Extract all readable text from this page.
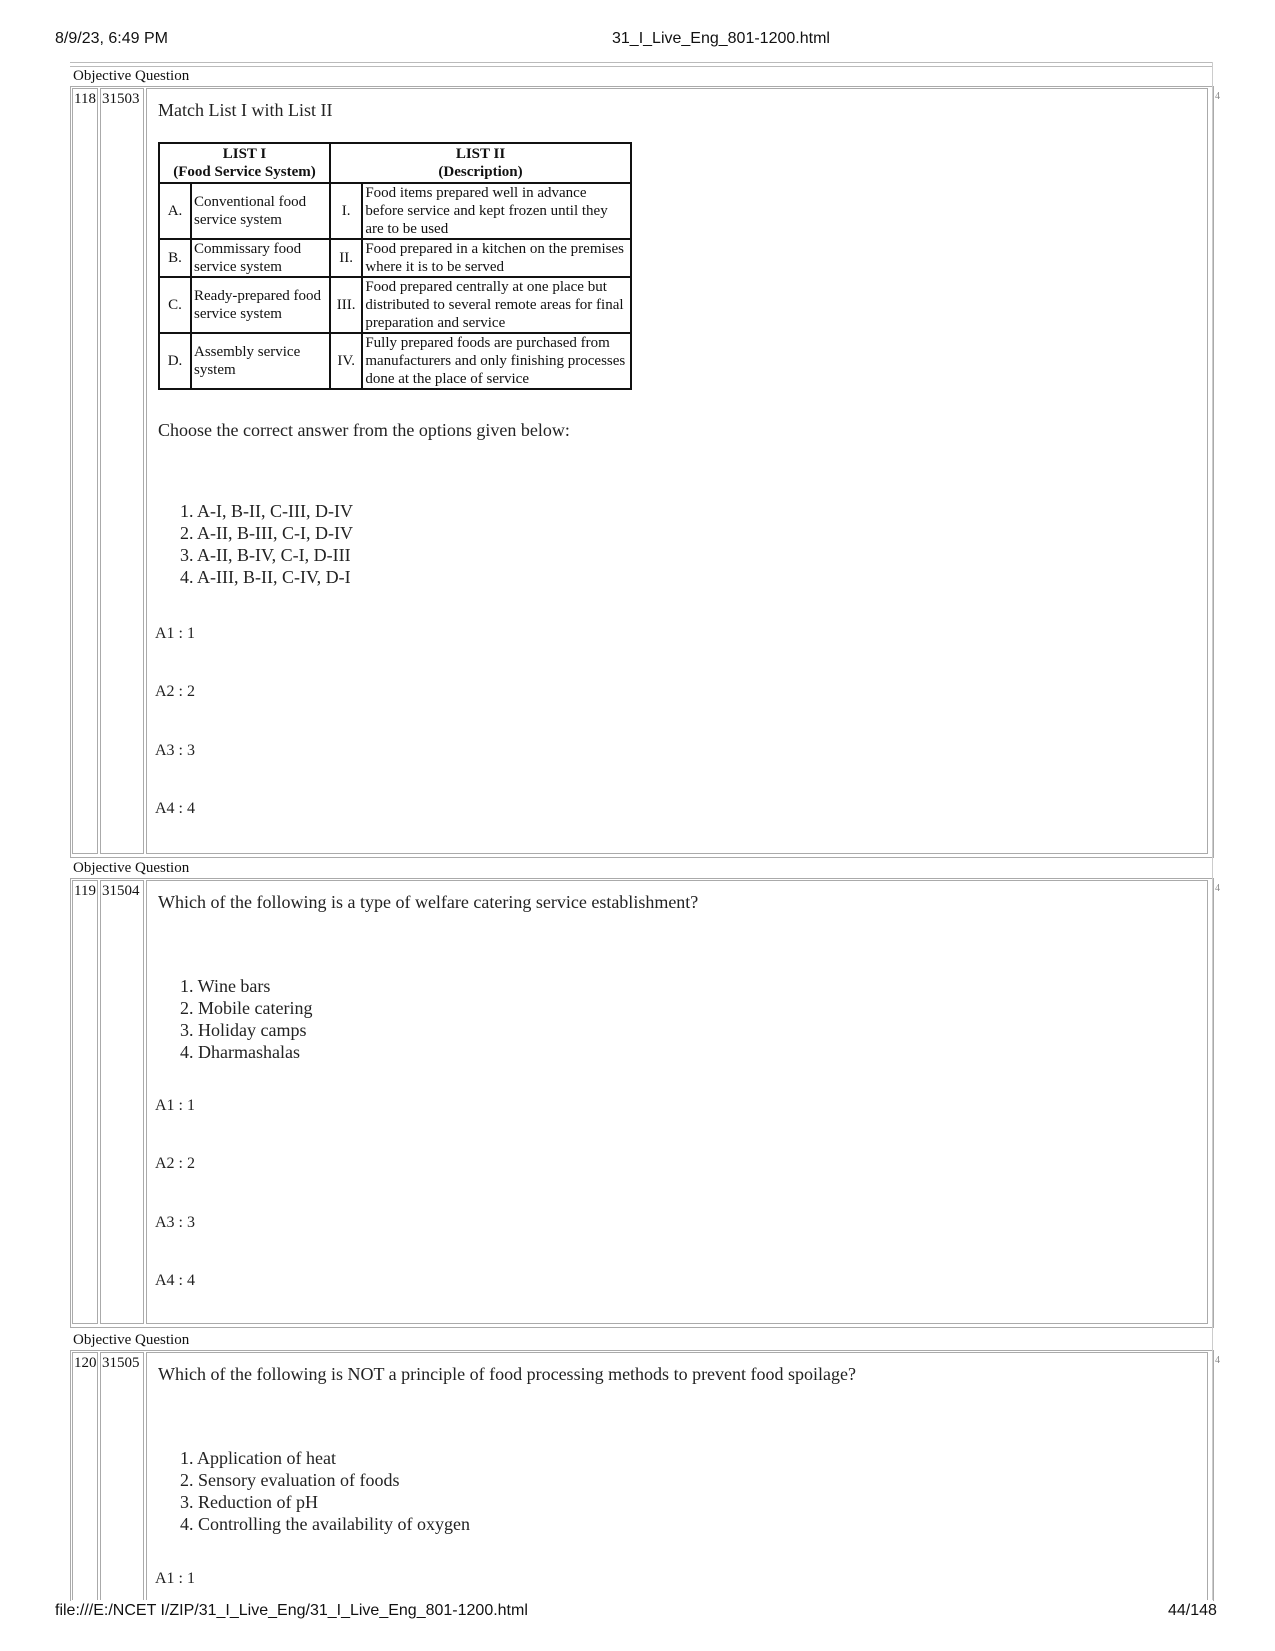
8/9/23, 6:49 PM	31_I_Live_Eng_801-1200.html
Objective Question
118 31503	4
Match List I with List II
LIST I
(Food Service System)		LIST II
(Description)	
A.	Conventional food service system	I.	Food items prepared well in advance before service and kept frozen until they are to be used
B.	Commissary food service system	II.	Food prepared in a kitchen on the premises where it is to be served
C.	Ready-prepared food service system	III.	Food prepared centrally at one place but distributed to several remote areas for final preparation and service
D.	Assembly service system	IV.	Fully prepared foods are purchased from manufacturers and only finishing processes done at the place of service
Choose the correct answer from the options given below:
1. A-I, B-II, C-III, D-IV
2. A-II, B-III, C-I, D-IV
3. A-II, B-IV, C-I, D-III
4. A-III, B-II, C-IV, D-I
A1 : 1
A2 : 2
A3 : 3
A4 : 4
Objective Question
119 31504	4
Which of the following is a type of welfare catering service establishment?
1. Wine bars
2. Mobile catering
3. Holiday camps
4. Dharmashalas
A1 : 1
A2 : 2
A3 : 3
A4 : 4
Objective Question
120 31505	4
Which of the following is NOT a principle of food processing methods to prevent food spoilage?
1. Application of heat
2. Sensory evaluation of foods
3. Reduction of pH
4. Controlling the availability of oxygen
A1 : 1
file:///E:/NCET I/ZIP/31_I_Live_Eng/31_I_Live_Eng_801-1200.html	44/148
